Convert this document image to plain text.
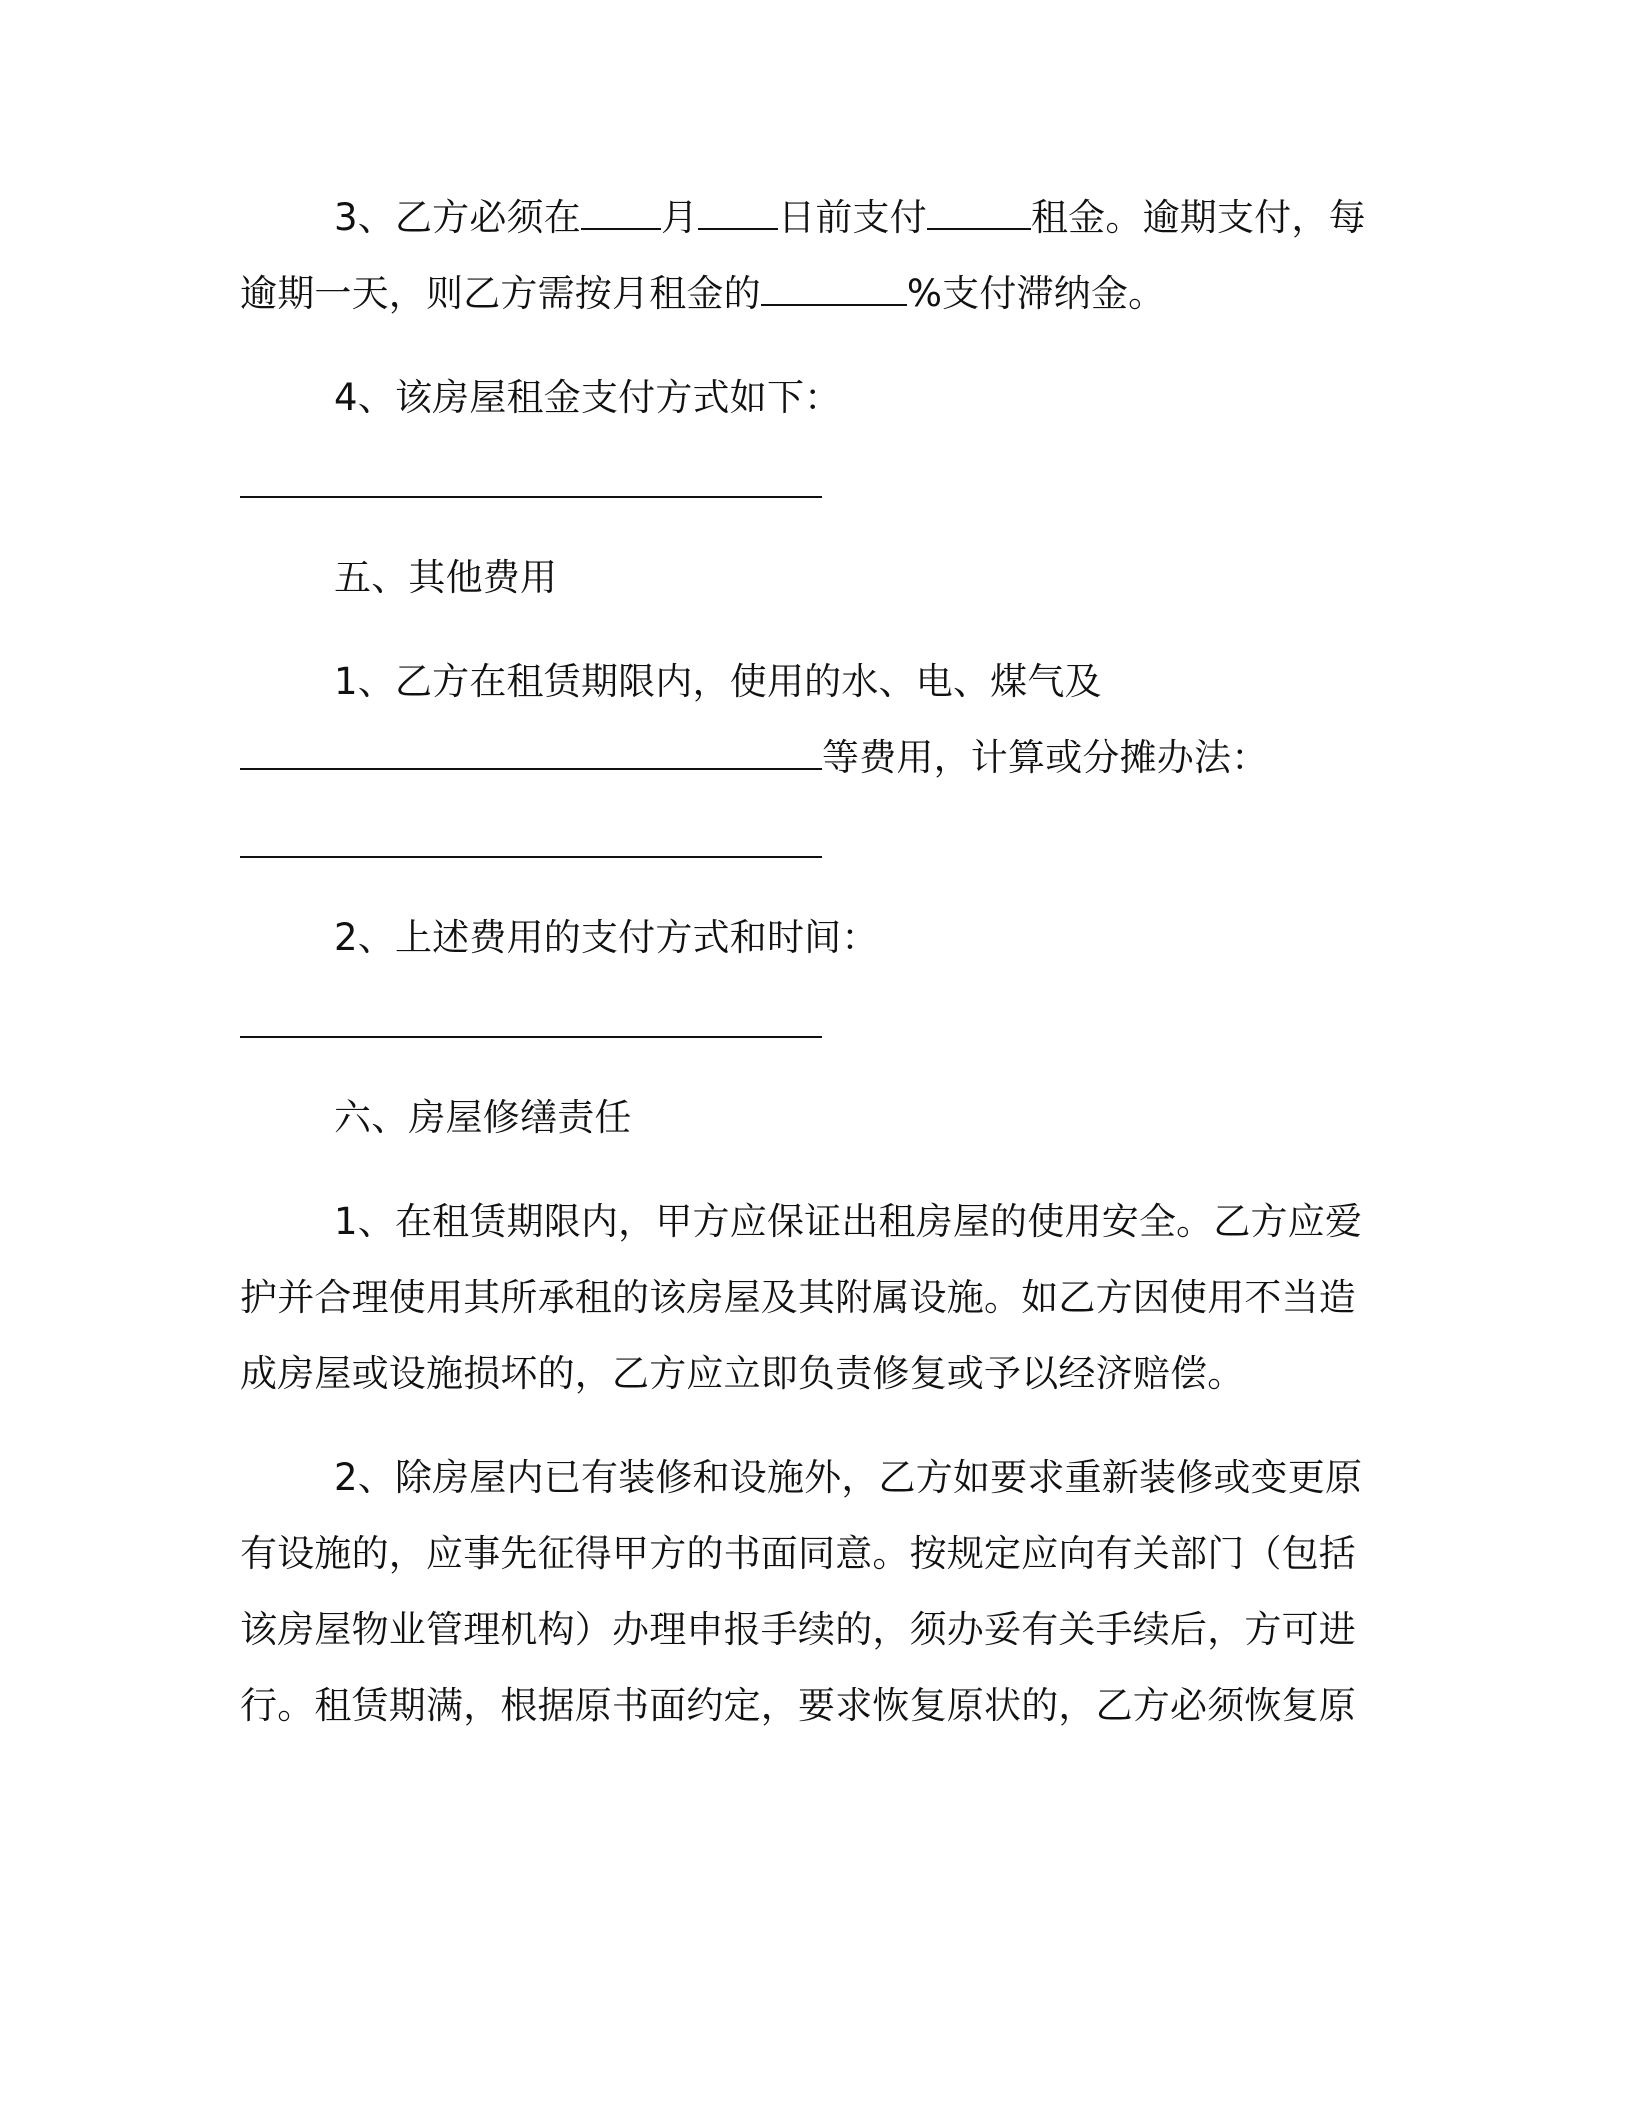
3、乙方必须在 月 日前支付	租金。逾期支付，每
逾期一天，则乙方需按月租金的	%支付滞纳金。
4、该房屋租金支付方式如下：
五、其他费用
1、乙方在租赁期限内，使用的水、电、煤气及
等费用，计算或分摊办法：
2、上述费用的支付方式和时间：
六、房屋修缮责任
1、在租赁期限内，甲方应保证出租房屋的使用安全。乙方应爱
护并合理使用其所承租的该房屋及其附属设施。如乙方因使用不当造
成房屋或设施损坏的，乙方应立即负责修复或予以经济赔偿。
2、除房屋内已有装修和设施外，乙方如要求重新装修或变更原
有设施的，应事先征得甲方的书面同意。按规定应向有关部门（包括
该房屋物业管理机构）办理申报手续的，须办妥有关手续后，方可进
行。租赁期满，根据原书面约定，要求恢复原状的，乙方必须恢复原
